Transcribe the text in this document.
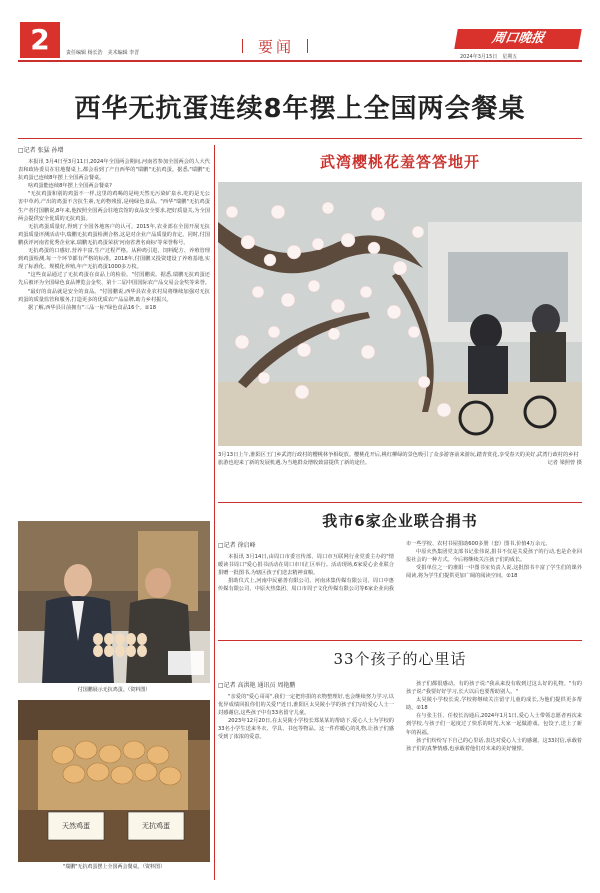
2	责任编辑 杨长浩　美术编辑 李晋	要闻	周口晚报
2024年3月15日　星期五
西华无抗蛋连续8年摆上全国两会餐桌
□记者 张猛 孙增

本报讯 3月4日至3月11日,2024年全国两会期间,河南省参加全国两会的人大代表和政协委员在驻地餐桌上,都会看到了产自西华的"瑞鹏"无抗鸡蛋。据悉,"瑞鹏"无抗鸡蛋已连续8年摆上全国两会餐桌。

啥鸡蛋能连续8年摆上全国两会餐桌?

"无抗鸡蛋和别的鸡蛋不一样,这里的鸡喝的是纯天然无污染矿泉水,吃的是无公害中草药,产出的鸡蛋不含抗生素,无药物残留,是纯绿色食品。"西华"瑞鹏"无抗鸡蛋生产者付国鹏说,8年来,他按照全国两会驻地宾馆的食品安全要求,把好质量关,为全国两会提供安全优质的无抗鸡蛋。

无抗鸡蛋质量好,得到了全国各地客户的认可。2015年,农业部在全国开展无抗鸡蛋质量评测活动中,瑞鹏无抗鸡蛋检测合格,这是对企业产品质量的肯定。同时,付国鹏获评河南省优秀企业家,瑞鹏无抗鸡蛋荣获'河南省著名商标'等荣誉称号。

无抗鸡蛋的口感好,营养丰富,生产过程严格。从种鸡引进、饲料配方、养殖管理到鸡蛋检测,每一个环节都有严格的标准。2018年,付国鹏又投资建设了养殖基地,实现了标准化、规模化养殖,年产无抗鸡蛋1000多万枚。

"这些食品通过了无抗鸡蛋在食品上的检验。"付国鹏说。据悉,瑞鹏无抗鸡蛋还先后被评为全国绿色食品博览会金奖、第十二届中国国际农产品交易会金奖等荣誉。

"最好的食品就是安全的食品。"付国鹏说,西华县农业农村局将继续加强对无抗鸡蛋的质量监管和服务,打造更多的优质农产品品牌,助力乡村振兴。

据了解,西华县目前拥有"三品一标"绿色食品16个。②18

付国鹏展示无抗鸡蛋。（资料图）
天然鸡蛋	无抗鸡蛋
"瑞鹏"无抗鸡蛋摆上全国两会餐桌。（资料图）
武湾樱桃花羞答答地开
3月13日上午,淮阳区王门乡武湾行政村的樱桃林争相绽放。樱桃花开后,桃红柳绿的景色吸引了众多游客前来游玩,踏青赏花,享受春天的美好,武湾行政村的乡村旅游也迎来了新的发展机遇,为当地群众增收致富提供了新的途径。	记者 梁照曾 摄
我市6家企业联合捐书
□记者 徐启峰

本报讯 3月14日,由周口市委宣传部、周口市互联网行业党委主办的"情暖读书周口"爱心捐书活动在周口市川汇区举行。活动现场,6家爱心企业联合捐赠一批图书,为辖区孩子们送去精神食粮。

捐助仪式上,河南中民慈善有限公司、河南沐集传媒有限公司、周口中惠传媒有限公司、中原火热集团、周口市周子文化传媒有限公司等6家企业向我市一些学校、农村书屋捐助600多册（套）图书,价值4万余元。

中原火热集团党支部书记张伟说,捐书不仅是关爱孩子的行动,也是企业回报社会的一种方式。今后将继续关注孩子们的成长。

受捐单位之一的淮阳一中图书室负责人说,这批图书丰富了学生们的课外阅读,将为学生们提供更加广阔的阅读空间。②18

33个孩子的心里话
□记者 高洪艳 通讯员 周艳鹏

"亲爱的"爱心哥哥",我们一定把你捐的衣物整理好,也会继续努力学习,以优异成绩回报你们的关爱!"近日,淮阳区太昊陵小学的孩子们写给爱心人士一封感谢信,这些孩子中有33名留守儿童。

2023年12月20日,在太昊陵小学校长郑某某的帮助下,爱心人士为学校的33名小学生送来冬衣、学具、书包等物品。这一件件暖心的礼物,让孩子们感受到了浓浓的爱意。

孩子们都很感动。有的孩子说:"我从来没有收到过这么好的礼物。"有的孩子说:"我要好好学习,长大以后也要帮助别人。"

太昊陵小学校长说,学校将继续关注留守儿童的成长,为他们提供更多帮助。②18

在与张主任、任校长沟通后,2024年1月1日,爱心人士带领志愿者再次来到学校,与孩子们一起度过了快乐的时光,大家一起做游戏、包饺子,送上了新年的祝福。

孩子们纷纷写下自己的心里话,表达对爱心人士的感谢。这33封信,承载着孩子们的真挚情感,也承载着他们对未来的美好憧憬。
